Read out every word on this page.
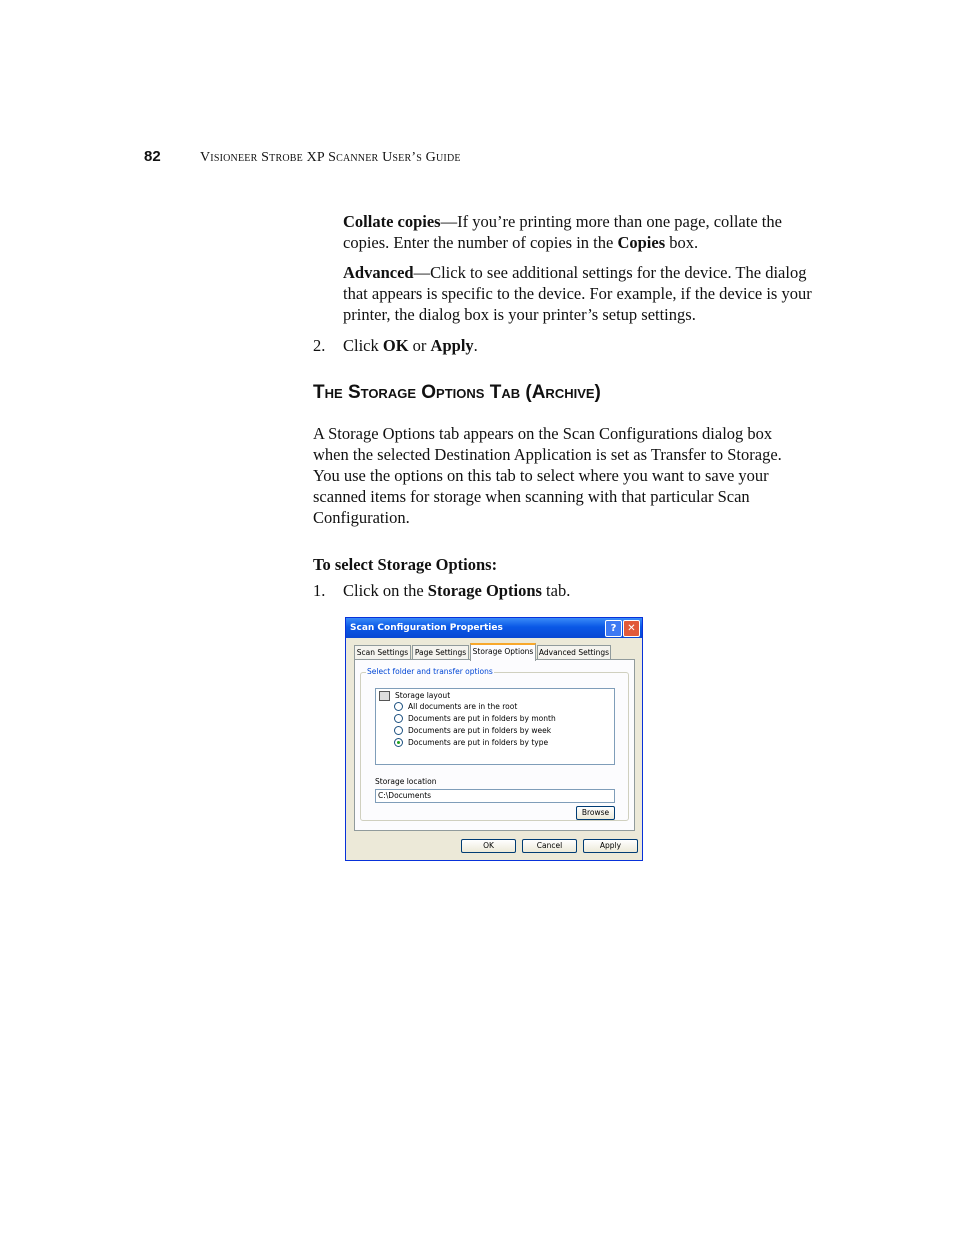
82	Visioneer Strobe XP Scanner User’s Guide
Collate copies—If you’re printing more than one page, collate the copies. Enter the number of copies in the Copies box.
Advanced—Click to see additional settings for the device. The dialog that appears is specific to the device. For example, if the device is your printer, the dialog box is your printer’s setup settings.
2. Click OK or Apply.
The Storage Options Tab (Archive)
A Storage Options tab appears on the Scan Configurations dialog box when the selected Destination Application is set as Transfer to Storage. You use the options on this tab to select where you want to save your scanned items for storage when scanning with that particular Scan Configuration.
To select Storage Options:
1. Click on the Storage Options tab.
Scan Configuration Properties	?	✕
Scan Settings Page Settings Storage Options Advanced Settings
Select folder and transfer options
Storage layout
All documents are in the root
Documents are put in folders by month
Documents are put in folders by week
Documents are put in folders by type
Storage location
C:\Documents
Browse
OK	Cancel	Apply
